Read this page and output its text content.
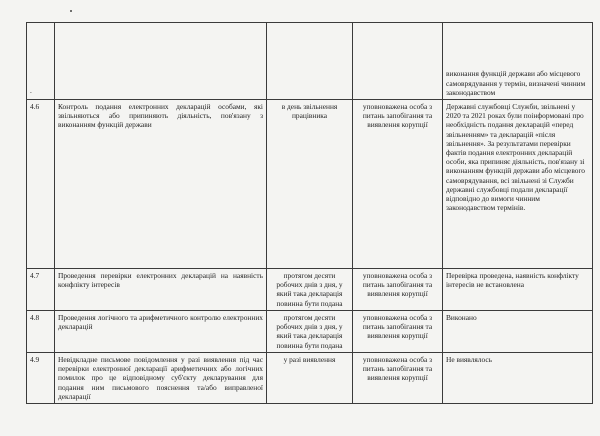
.				виконання функцій держави або місцевого самоврядування у термін, визначені чинним законодавством
4.6	Контроль подання електронних декларацій особами, які звільняються або припиняють діяльність, пов'язану з виконанням функцій держави	в день звільнення працівника	уповноважена особа з питань запобігання та виявлення корупції	Державні службовці Служби, звільнені у 2020 та 2021 роках були поінформовані про необхідність подання декларацій «перед звільненням» та декларацій «після звільнення». За результатами перевірки фактів подання електронних декларацій особи, яка припиняє діяльність, пов'язану зі виконанням функцій держави або місцевого самоврядування, всі звільнені зі Служби державні службовці подали декларації відповідно до вимоги чинним законодавством термінів.
4.7	Проведення перевірки електронних декларацій на наявність конфлікту інтересів	протягом десяти робочих днів з дня, у який така декларація повинна бути подана	уповноважена особа з питань запобігання та виявлення корупції	Перевірка проведена, наявність конфлікту інтересів не встановлена
4.8	Проведення логічного та арифметичного контролю електронних декларацій	протягом десяти робочих днів з дня, у який така декларація повинна бути подана	уповноважена особа з питань запобігання та виявлення корупції	Виконано
4.9	Невідкладне письмове повідомлення у разі виявлення під час перевірки електронної декларації арифметичних або логічних помилок про це відповідному суб'єкту декларування для подання ним письмового пояснення та/або виправленої декларації	у разі виявлення	уповноважена особа з питань запобігання та виявлення корупції	Не виявлялось
